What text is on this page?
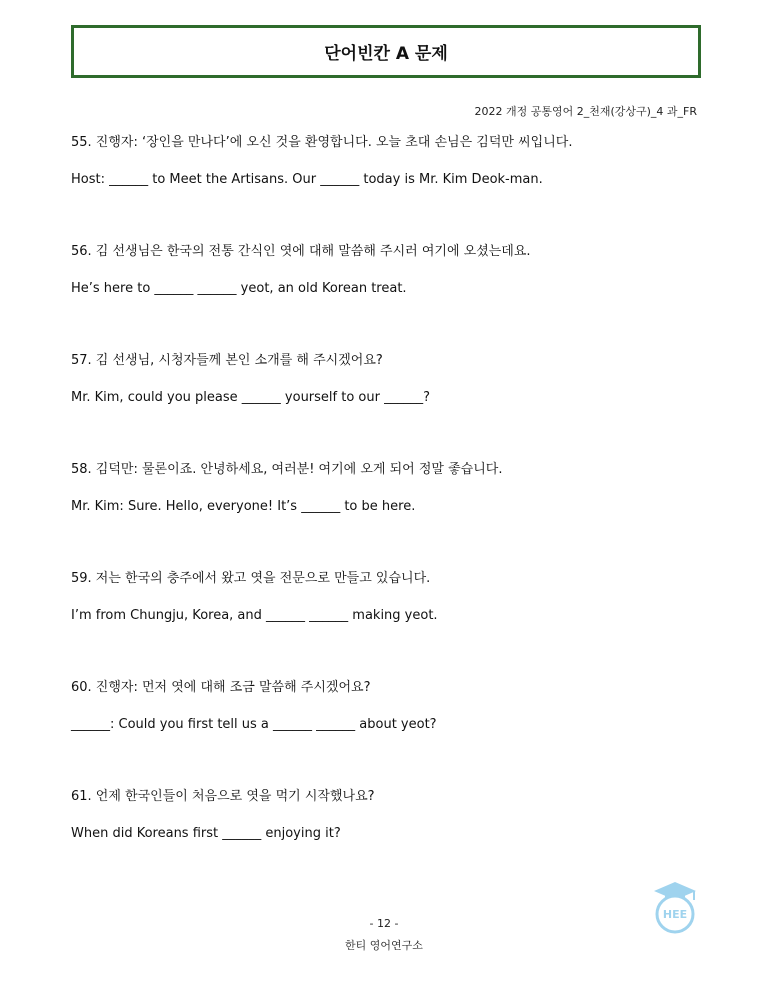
단어빈칸 A 문제
2022 개정 공통영어 2_천재(강상구)_4 과_FR
55. 진행자: ‘장인을 만나다’에 오신 것을 환영합니다. 오늘 초대 손님은 김덕만 씨입니다.
Host: ______ to Meet the Artisans. Our ______ today is Mr. Kim Deok-man.
56. 김 선생님은 한국의 전통 간식인 엿에 대해 말씀해 주시러 여기에 오셨는데요.
He’s here to ______ ______ yeot, an old Korean treat.
57. 김 선생님, 시청자들께 본인 소개를 해 주시겠어요?
Mr. Kim, could you please ______ yourself to our ______?
58. 김덕만: 물론이죠. 안녕하세요, 여러분! 여기에 오게 되어 정말 좋습니다.
Mr. Kim: Sure. Hello, everyone! It’s ______ to be here.
59. 저는 한국의 충주에서 왔고 엿을 전문으로 만들고 있습니다.
I’m from Chungju, Korea, and ______ ______ making yeot.
60. 진행자: 먼저 엿에 대해 조금 말씀해 주시겠어요?
______: Could you first tell us a ______ ______ about yeot?
61. 언제 한국인들이 처음으로 엿을 먹기 시작했나요?
When did Koreans first ______ enjoying it?
HEE
- 12 -
한티 영어연구소
